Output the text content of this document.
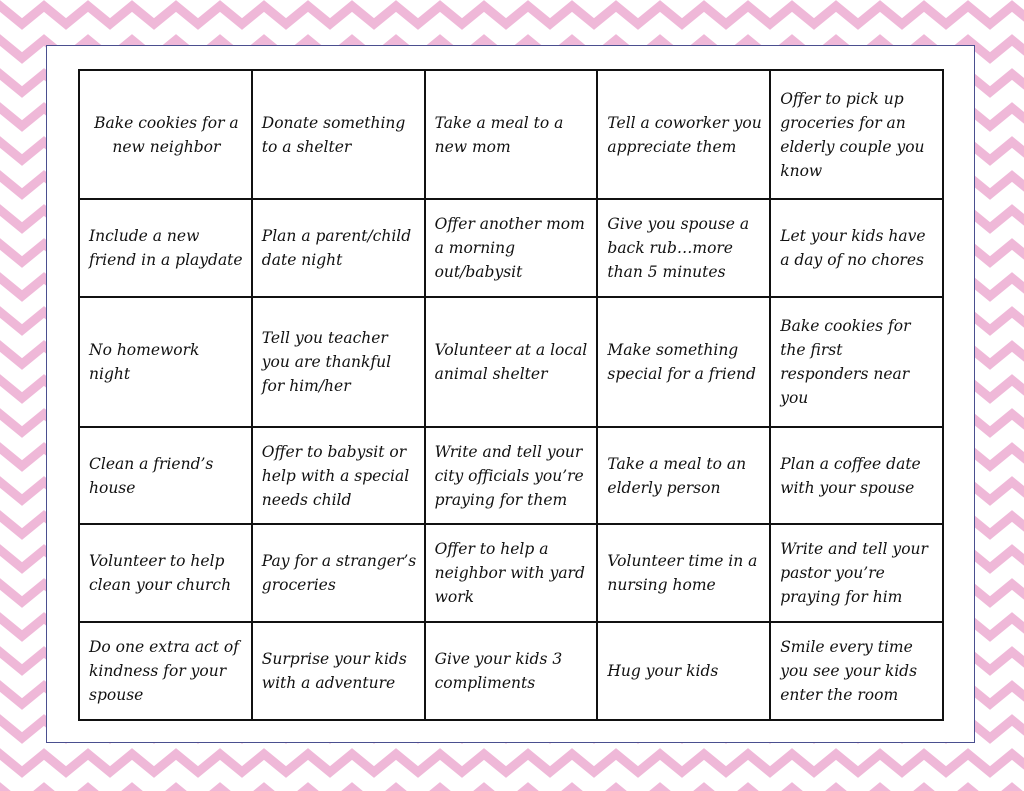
Bake cookies for a new neighbor	Donate something to a shelter	Take a meal to a new mom	Tell a coworker you appreciate them	Offer to pick up groceries for an elderly couple you know
Include a new friend in a playdate	Plan a parent/child date night	Offer another mom a morning out/babysit	Give you spouse a back rub…more than 5 minutes	Let your kids have a day of no chores
No homework night	Tell you teacher you are thankful for him/her	Volunteer at a local animal shelter	Make something special for a friend	Bake cookies for the first responders near you
Clean a friend’s house	Offer to babysit or help with a special needs child	Write and tell your city officials you’re praying for them	Take a meal to an elderly person	Plan a coffee date with your spouse
Volunteer to help clean your church	Pay for a stranger’s groceries	Offer to help a neighbor with yard work	Volunteer time in a nursing home	Write and tell your pastor you’re praying for him
Do one extra act of kindness for your spouse	Surprise your kids with a adventure	Give your kids 3 compliments	Hug your kids	Smile every time you see your kids enter the room
